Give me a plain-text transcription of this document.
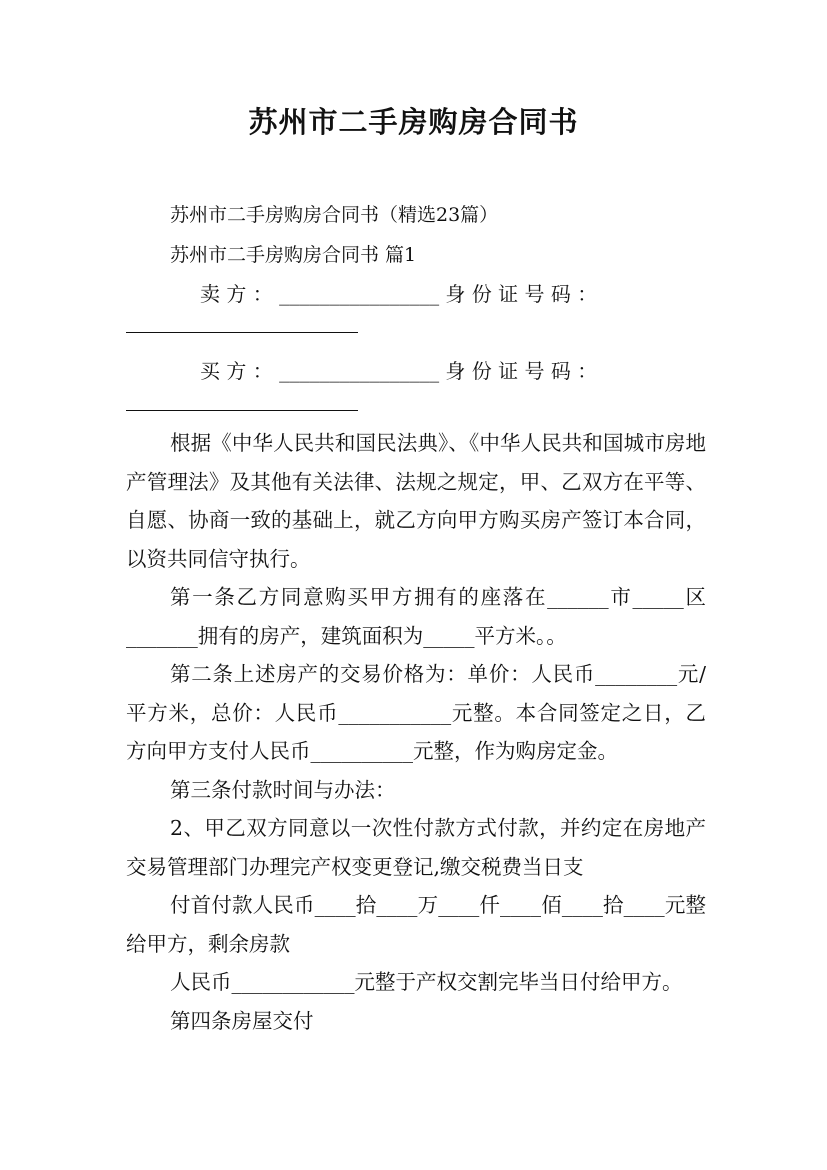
苏州市二手房购房合同书
苏州市二手房购房合同书（精选23篇）
苏州市二手房购房合同书 篇1
卖 方 ： ________________ 身 份 证 号 码 ：
买 方 ： ________________ 身 份 证 号 码 ：

根据《中华人民共和国民法典》、《中华人民共和国城市房地产管理法》及其他有关法律、法规之规定，甲、乙双方在平等、自愿、协商一致的基础上，就乙方向甲方购买房产签订本合同，以资共同信守执行。

第一条乙方同意购买甲方拥有的座落在______市_____区_______拥有的房产，建筑面积为_____平方米。。

第二条上述房产的交易价格为：单价：人民币________元/平方米，总价：人民币___________元整。本合同签定之日，乙方向甲方支付人民币__________元整，作为购房定金。

第三条付款时间与办法：

2、甲乙双方同意以一次性付款方式付款，并约定在房地产交易管理部门办理完产权变更登记,缴交税费当日支

付首付款人民币____拾____万____仟____佰____拾____元整给甲方，剩余房款

人民币____________元整于产权交割完毕当日付给甲方。

第四条房屋交付
